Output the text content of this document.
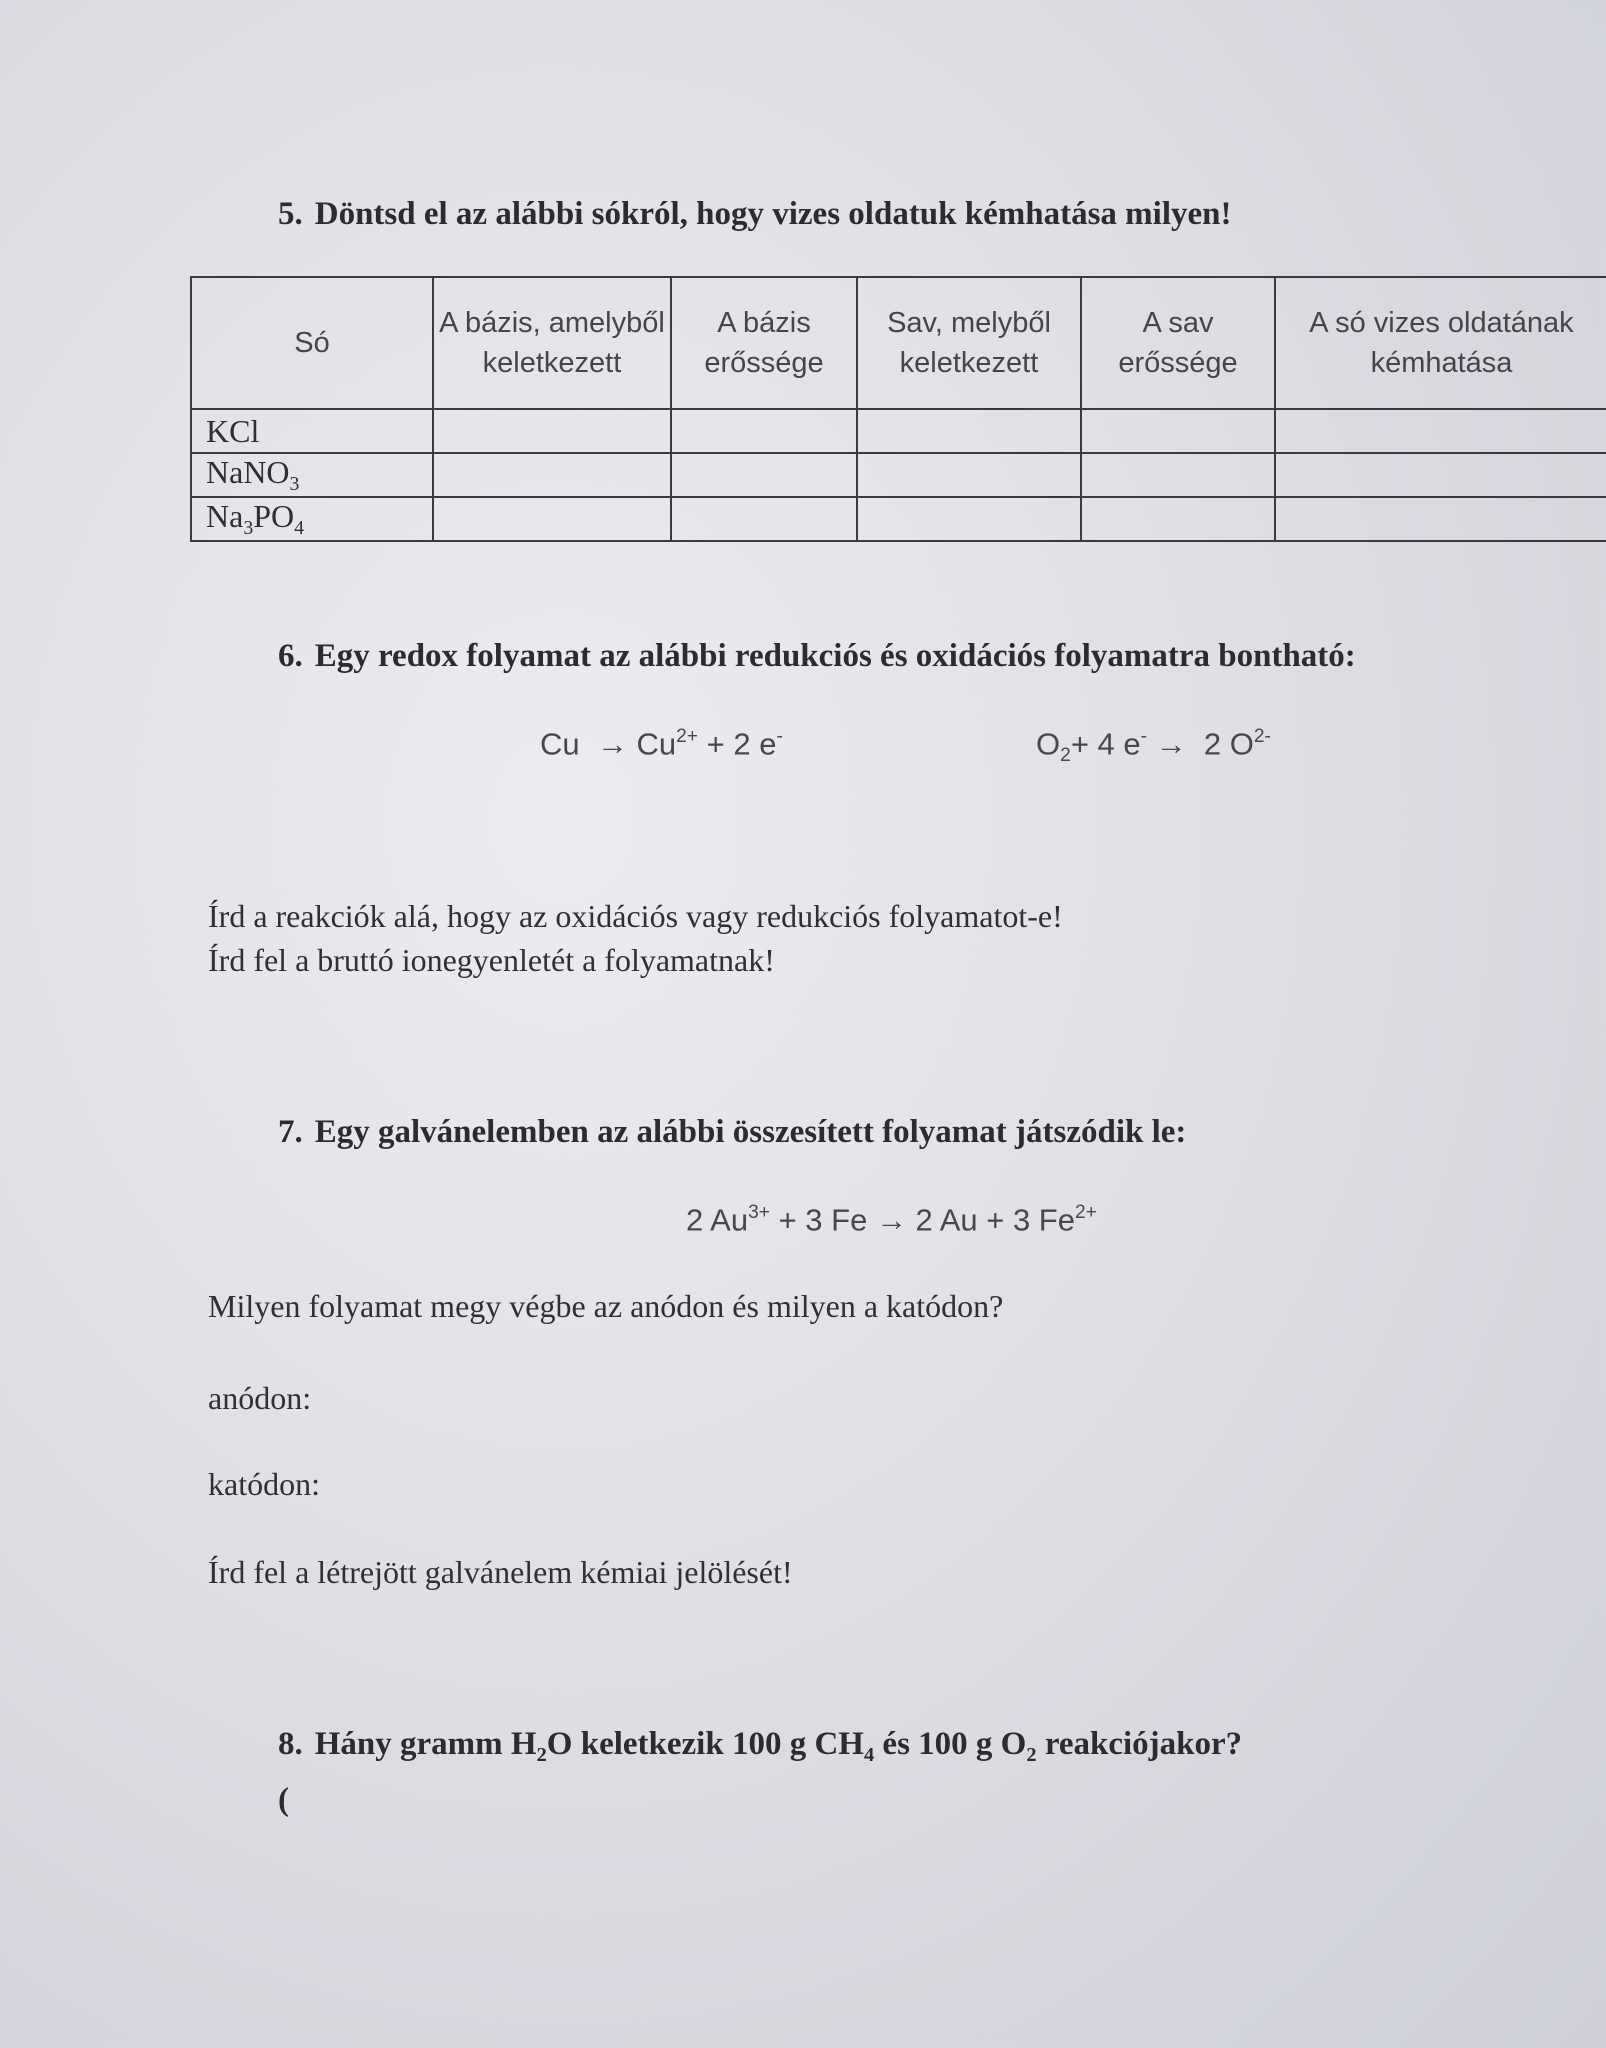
5. Döntsd el az alábbi sókról, hogy vizes oldatuk kémhatása milyen!
Só	A bázis, amelyből keletkezett	A bázis erőssége	Sav, melyből keletkezett	A sav erőssége	A só vizes oldatának kémhatása
KCl					
NaNO$_3$					
$Na_3PO_4$					
6. Egy redox folyamat az alábbi redukciós és oxidációs folyamatra bontható:
$Cu \to Cu^{2+} + 2$ e-	$O_2+ 4$ e- →  2 $O^{2-}$
Írd a reakciók alá, hogy az oxidációs vagy redukciós folyamatot-e!
Írd fel a bruttó ionegyenletét a folyamatnak!
7. Egy galvánelemben az alábbi összesített folyamat játszódik le:
2 $Au^{3+} + 3$ Fe → 2 Au + 3 $Fe^{2+}$
Milyen folyamat megy végbe az anódon és milyen a katódon?
anódon:
katódon:
Írd fel a létrejött galvánelem kémiai jelölését!
8. Hány gramm $H_2O$ keletkezik 100 g $CH_4$ és 100 g $O_2$ reakciójakor?
(
